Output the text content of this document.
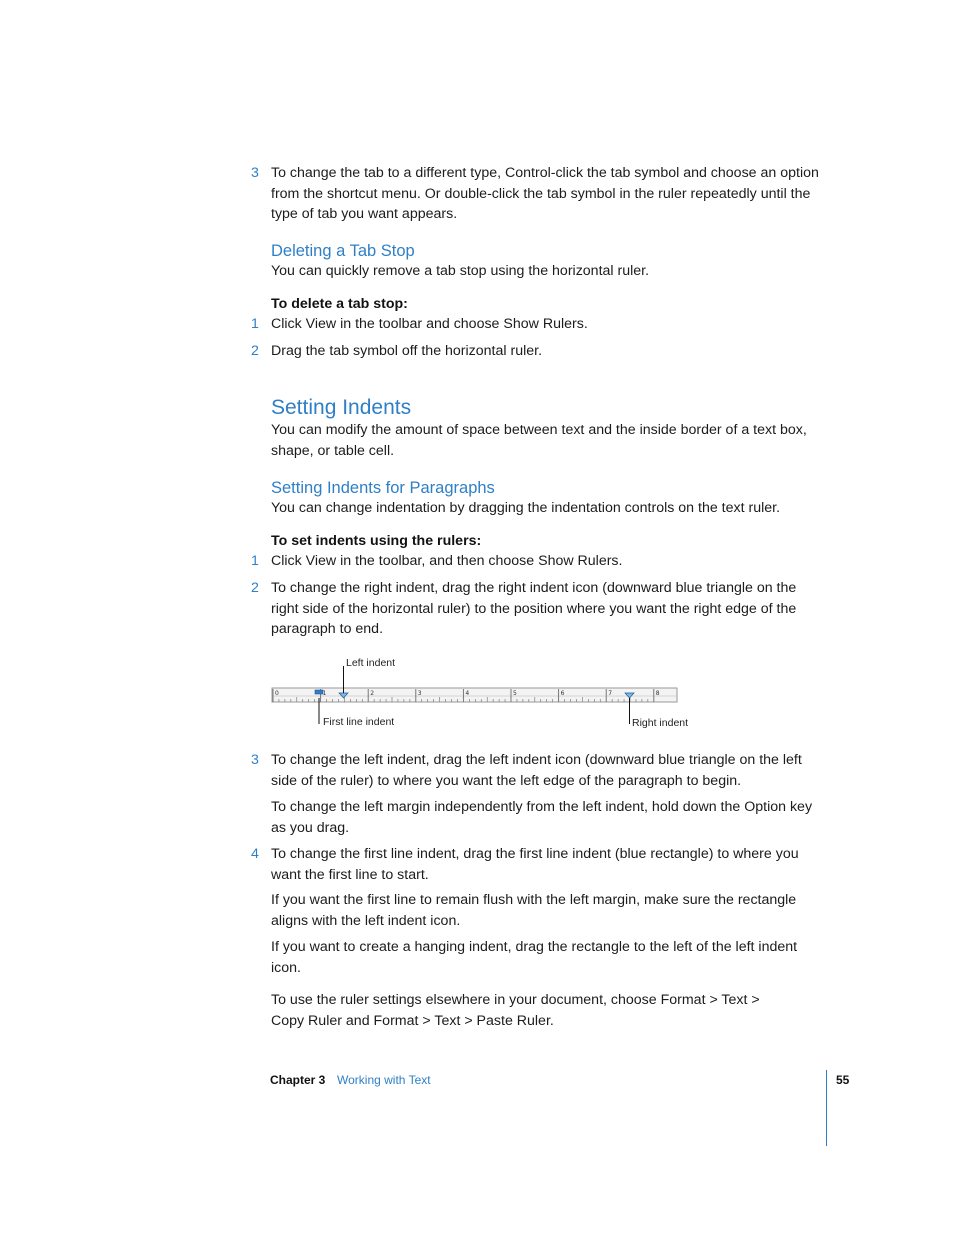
3 To change the tab to a different type, Control-click the tab symbol and choose an option from the shortcut menu. Or double-click the tab symbol in the ruler repeatedly until the type of tab you want appears.

Deleting a Tab Stop

You can quickly remove a tab stop using the horizontal ruler.

To delete a tab stop:
1 Click View in the toolbar and choose Show Rulers.

2 Drag the tab symbol off the horizontal ruler.

Setting Indents

You can modify the amount of space between text and the inside border of a text box, shape, or table cell.

Setting Indents for Paragraphs

You can change indentation by dragging the indentation controls on the text ruler.

To set indents using the rulers:
1 Click View in the toolbar, and then choose Show Rulers.

2 To change the right indent, drag the right indent icon (downward blue triangle on the right side of the horizontal ruler) to the position where you want the right edge of the paragraph to end.

0	1	2	3	4	5	6	7	8
Left indent
First line indent	Right indent
3 To change the left indent, drag the left indent icon (downward blue triangle on the left side of the ruler) to where you want the left edge of the paragraph to begin.

To change the left margin independently from the left indent, hold down the Option key as you drag.

4 To change the first line indent, drag the first line indent (blue rectangle) to where you want the first line to start.

If you want the first line to remain flush with the left margin, make sure the rectangle aligns with the left indent icon.

If you want to create a hanging indent, drag the rectangle to the left of the left indent icon.

To use the ruler settings elsewhere in your document, choose Format > Text >

Copy Ruler and Format > Text > Paste Ruler.

Chapter 3 Working with Text	55
